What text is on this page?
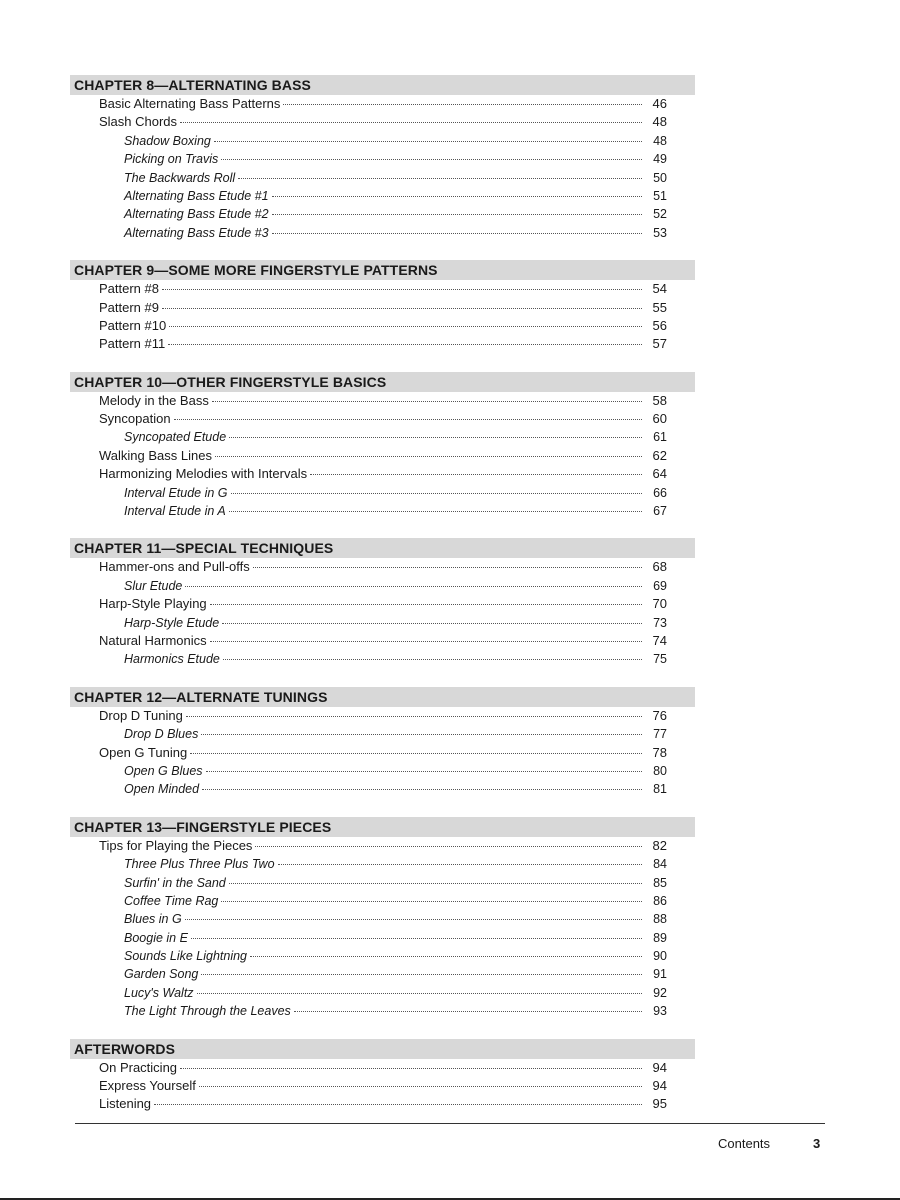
CHAPTER 8—ALTERNATING BASS
Basic Alternating Bass Patterns	46
Slash Chords	48
Shadow Boxing	48
Picking on Travis	49
The Backwards Roll	50
Alternating Bass Etude #1	51
Alternating Bass Etude #2	52
Alternating Bass Etude #3	53
CHAPTER 9—SOME MORE FINGERSTYLE PATTERNS
Pattern #8	54
Pattern #9	55
Pattern #10	56
Pattern #11	57
CHAPTER 10—OTHER FINGERSTYLE BASICS
Melody in the Bass	58
Syncopation	60
Syncopated Etude	61
Walking Bass Lines	62
Harmonizing Melodies with Intervals	64
Interval Etude in G	66
Interval Etude in A	67
CHAPTER 11—SPECIAL TECHNIQUES
Hammer-ons and Pull-offs	68
Slur Etude	69
Harp-Style Playing	70
Harp-Style Etude	73
Natural Harmonics	74
Harmonics Etude	75
CHAPTER 12—ALTERNATE TUNINGS
Drop D Tuning	76
Drop D Blues	77
Open G Tuning	78
Open G Blues	80
Open Minded	81
CHAPTER 13—FINGERSTYLE PIECES
Tips for Playing the Pieces	82
Three Plus Three Plus Two	84
Surfin' in the Sand	85
Coffee Time Rag	86
Blues in G	88
Boogie in E	89
Sounds Like Lightning	90
Garden Song	91
Lucy's Waltz	92
The Light Through the Leaves	93
AFTERWORDS
On Practicing	94
Express Yourself	94
Listening	95
Contents	3
